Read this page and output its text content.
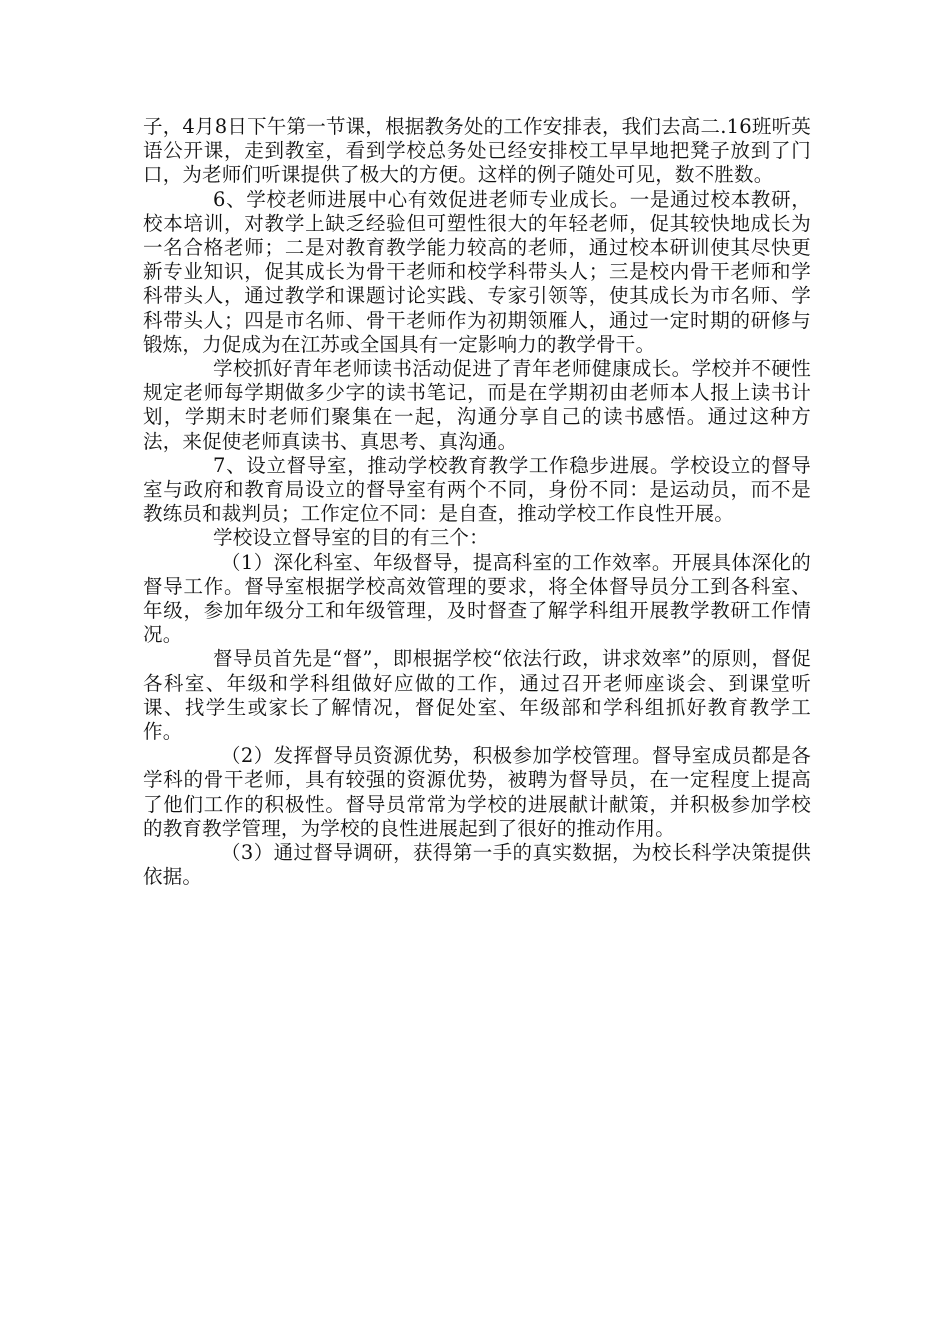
子，4月8日下午第一节课，根据教务处的工作安排表，我们去高二.16班听英语公开课，走到教室，看到学校总务处已经安排校工早早地把凳子放到了门口，为老师们听课提供了极大的方便。这样的例子随处可见，数不胜数。

6、学校老师进展中心有效促进老师专业成长。一是通过校本教研，校本培训，对教学上缺乏经验但可塑性很大的年轻老师，促其较快地成长为一名合格老师；二是对教育教学能力较高的老师，通过校本研训使其尽快更新专业知识，促其成长为骨干老师和校学科带头人；三是校内骨干老师和学科带头人，通过教学和课题讨论实践、专家引领等，使其成长为市名师、学科带头人；四是市名师、骨干老师作为初期领雁人，通过一定时期的研修与锻炼，力促成为在江苏或全国具有一定影响力的教学骨干。

学校抓好青年老师读书活动促进了青年老师健康成长。学校并不硬性规定老师每学期做多少字的读书笔记，而是在学期初由老师本人报上读书计划，学期末时老师们聚集在一起，沟通分享自己的读书感悟。通过这种方法，来促使老师真读书、真思考、真沟通。

7、设立督导室，推动学校教育教学工作稳步进展。学校设立的督导室与政府和教育局设立的督导室有两个不同，身份不同：是运动员，而不是教练员和裁判员；工作定位不同：是自查，推动学校工作良性开展。

学校设立督导室的目的有三个：

（1）深化科室、年级督导，提高科室的工作效率。开展具体深化的督导工作。督导室根据学校高效管理的要求，将全体督导员分工到各科室、年级，参加年级分工和年级管理，及时督查了解学科组开展教学教研工作情况。

督导员首先是“督”，即根据学校“依法行政，讲求效率”的原则，督促各科室、年级和学科组做好应做的工作，通过召开老师座谈会、到课堂听课、找学生或家长了解情况，督促处室、年级部和学科组抓好教育教学工作。

（2）发挥督导员资源优势，积极参加学校管理。督导室成员都是各学科的骨干老师，具有较强的资源优势，被聘为督导员，在一定程度上提高了他们工作的积极性。督导员常常为学校的进展献计献策，并积极参加学校的教育教学管理，为学校的良性进展起到了很好的推动作用。

（3）通过督导调研，获得第一手的真实数据，为校长科学决策提供依据。
